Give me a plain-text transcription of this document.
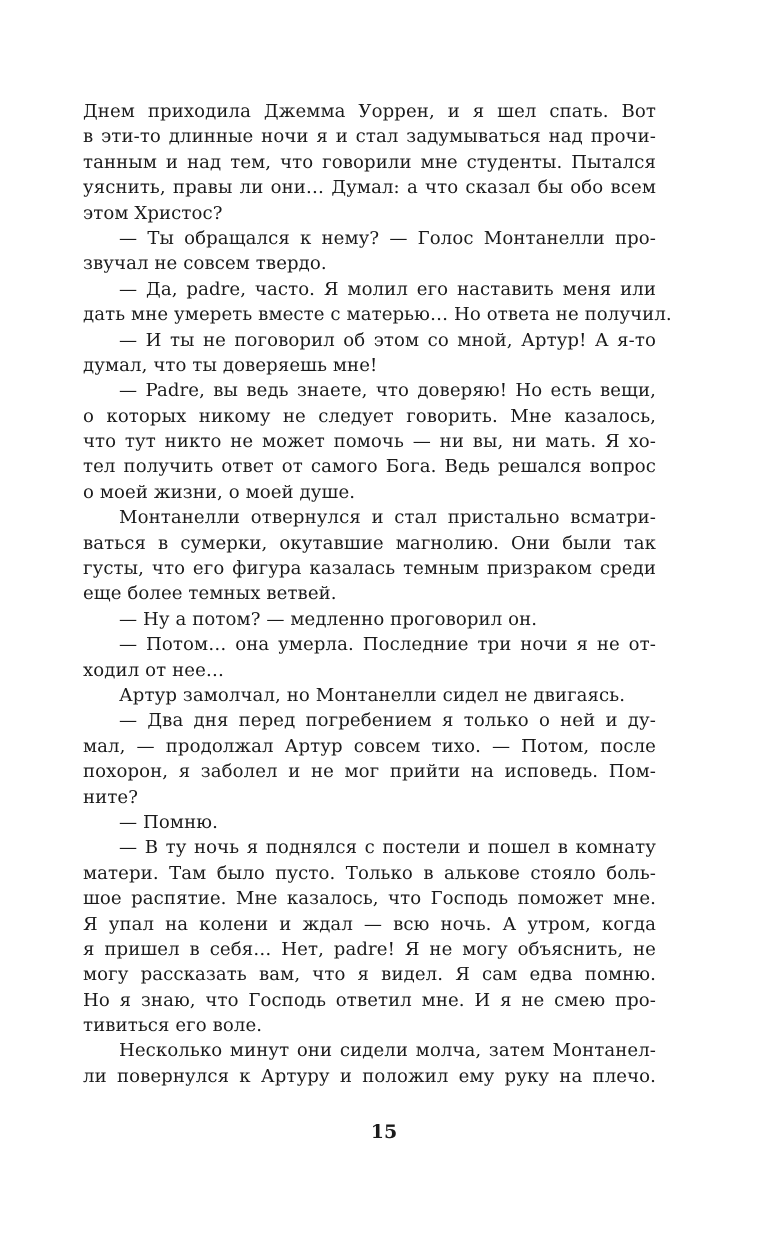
Днем приходила Джемма Уоррен, и я шел спать. Вот
в эти-то длинные ночи я и стал задумываться над прочи-
танным и над тем, что говорили мне студенты. Пытался
уяснить, правы ли они… Думал: а что сказал бы обо всем
этом Христос?
— Ты обращался к нему? — Голос Монтанелли про-
звучал не совсем твердо.
— Да, padre, часто. Я молил его наставить меня или
дать мне умереть вместе с матерью… Но ответа не получил.
— И ты не поговорил об этом со мной, Артур! А я-то
думал, что ты доверяешь мне!
— Padre, вы ведь знаете, что доверяю! Но есть вещи,
о которых никому не следует говорить. Мне казалось,
что тут никто не может помочь — ни вы, ни мать. Я хо-
тел получить ответ от самого Бога. Ведь решался вопрос
о моей жизни, о моей душе.
Монтанелли отвернулся и стал пристально всматри-
ваться в сумерки, окутавшие магнолию. Они были так
густы, что его фигура казалась темным призраком среди
еще более темных ветвей.
— Ну а потом? — медленно проговорил он.
— Потом… она умерла. Последние три ночи я не от-
ходил от нее…
Артур замолчал, но Монтанелли сидел не двигаясь.
— Два дня перед погребением я только о ней и ду-
мал, — продолжал Артур совсем тихо. — Потом, после
похорон, я заболел и не мог прийти на исповедь. Пом-
ните?
— Помню.
— В ту ночь я поднялся с постели и пошел в комнату
матери. Там было пусто. Только в алькове стояло боль-
шое распятие. Мне казалось, что Господь поможет мне.
Я упал на колени и ждал — всю ночь. А утром, когда
я пришел в себя… Нет, padre! Я не могу объяснить, не
могу рассказать вам, что я видел. Я сам едва помню.
Но я знаю, что Господь ответил мне. И я не смею про-
тивиться его воле.
Несколько минут они сидели молча, затем Монтанел-
ли повернулся к Артуру и положил ему руку на плечо.
15
